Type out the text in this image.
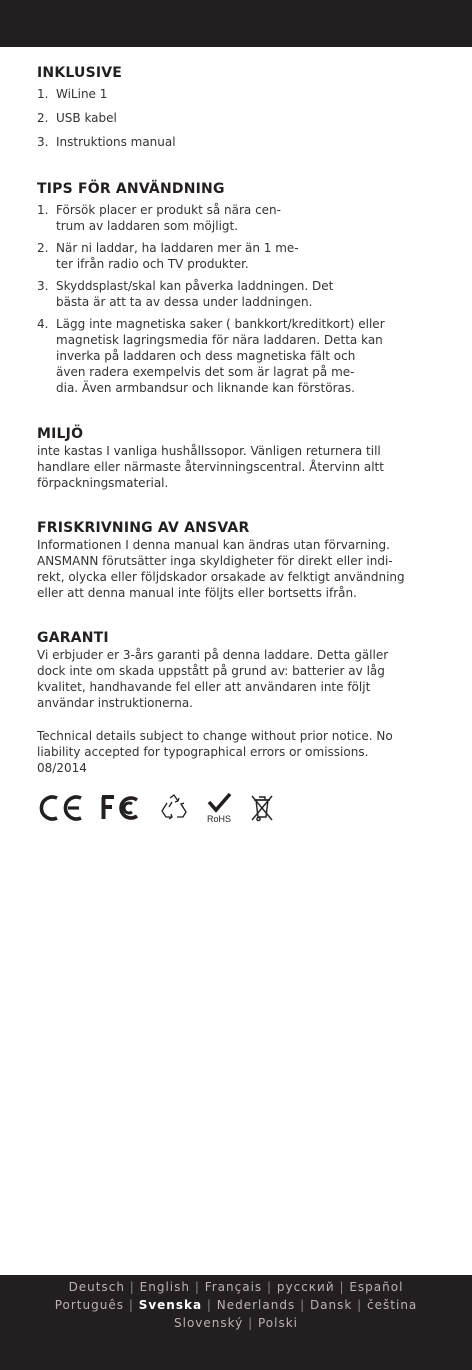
INKLUSIVE
1. WiLine 1
2. USB kabel
3. Instruktions manual
TIPS FÖR ANVÄNDNING
1. Försök placer er produkt så nära cen-
trum av laddaren som möjligt.
2. När ni laddar, ha laddaren mer än 1 me-
ter ifrån radio och TV produkter.
3. Skyddsplast/skal kan påverka laddningen. Det
bästa är att ta av dessa under laddningen.
4. Lägg inte magnetiska saker ( bankkort/kreditkort) eller
magnetisk lagringsmedia för nära laddaren. Detta kan
inverka på laddaren och dess magnetiska fält och
även radera exempelvis det som är lagrat på me-
dia. Även armbandsur och liknande kan förstöras.
MILJÖ

inte kastas I vanliga hushållssopor. Vänligen returnera till
handlare eller närmaste återvinningscentral. Återvinn altt
förpackningsmaterial.

FRISKRIVNING AV ANSVAR

Informationen I denna manual kan ändras utan förvarning.
ANSMANN förutsätter inga skyldigheter för direkt eller indi-
rekt, olycka eller följdskador orsakade av felktigt användning
eller att denna manual inte följts eller bortsetts ifrån.

GARANTI

Vi erbjuder er 3-års garanti på denna laddare. Detta gäller
dock inte om skada uppstått på grund av: batterier av låg
kvalitet, handhavande fel eller att användaren inte följt
användar instruktionerna.

Technical details subject to change without prior notice. No
liability accepted for typographical errors or omissions.
08/2014

RoHS
Deutsch | English | Français | русский | Español
Português | Svenska | Nederlands | Dansk | čeština
Slovenský | Polski
